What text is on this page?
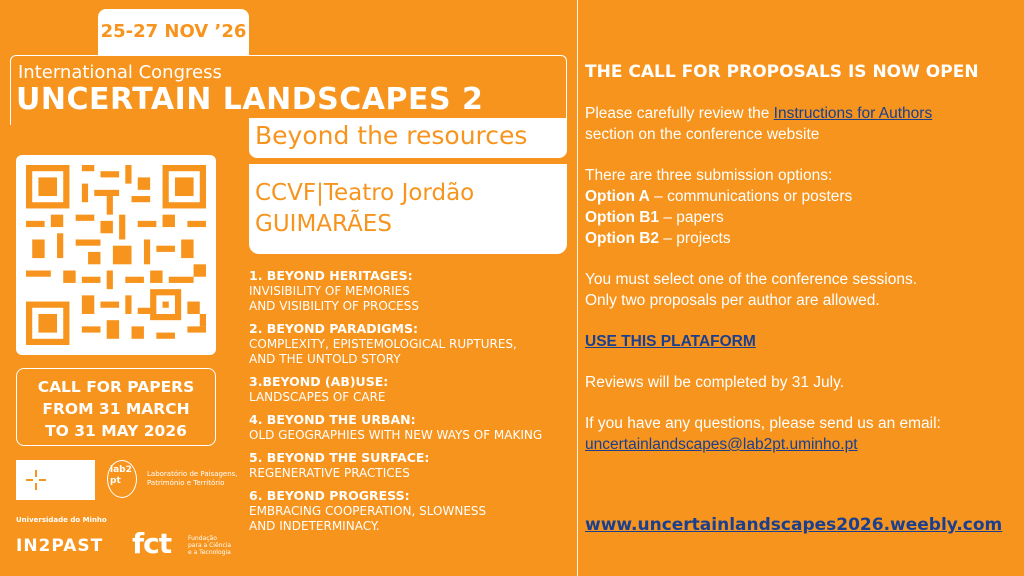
25-27 NOV ’26
International Congress
UNCERTAIN LANDSCAPES 2
Beyond the resources
CCVF|Teatro Jordão
GUIMARÃES
CALL FOR PAPERS
FROM 31 MARCH
TO 31 MAY 2026
lab2
pt
Laboratório de Paisagens,
Património e Território
Universidade do Minho
IN2PAST fct	Fundação
para a Ciência
e a Tecnologia
1. BEYOND HERITAGES:
INVISIBILITY OF MEMORIES
AND VISIBILITY OF PROCESS
2. BEYOND PARADIGMS:
COMPLEXITY, EPISTEMOLOGICAL RUPTURES,
AND THE UNTOLD STORY
3.BEYOND (AB)USE:
LANDSCAPES OF CARE
4. BEYOND THE URBAN:
OLD GEOGRAPHIES WITH NEW WAYS OF MAKING
5. BEYOND THE SURFACE:
REGENERATIVE PRACTICES
6. BEYOND PROGRESS:
EMBRACING COOPERATION, SLOWNESS
AND INDETERMINACY.
THE CALL FOR PROPOSALS IS NOW OPEN
Please carefully review the Instructions for Authors
section on the conference website
There are three submission options:
Option A – communications or posters
Option B1 – papers
Option B2 – projects
You must select one of the conference sessions.
Only two proposals per author are allowed.
USE THIS PLATAFORM
Reviews will be completed by 31 July.
If you have any questions, please send us an email:
uncertainlandscapes@lab2pt.uminho.pt
www.uncertainlandscapes2026.weebly.com
